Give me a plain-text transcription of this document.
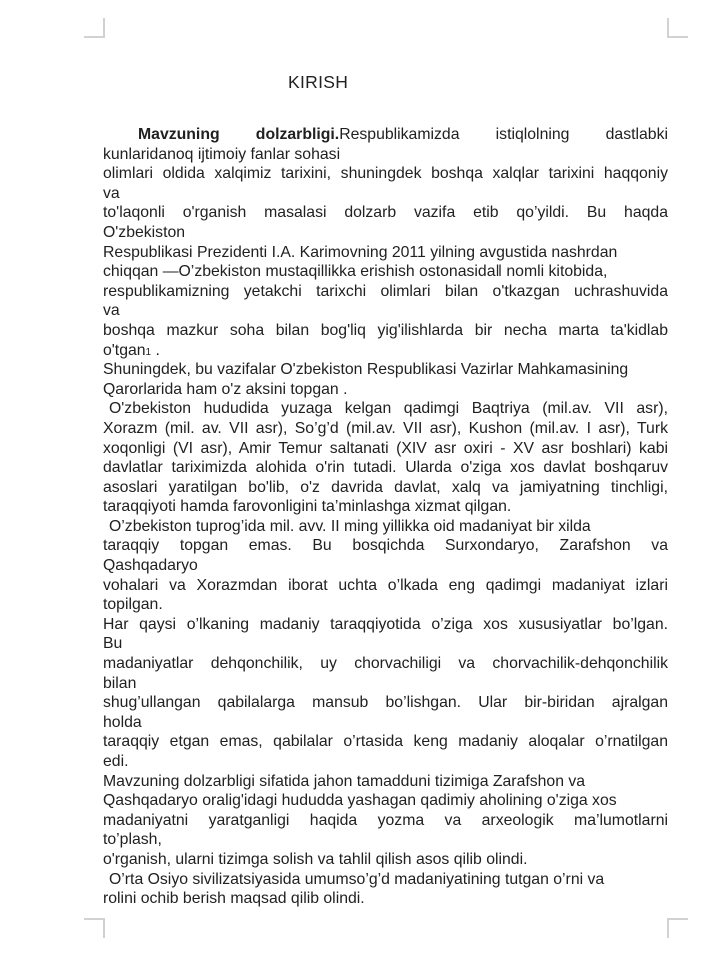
KIRISH
Mavzuning dolzarbligi.Respublikamizda istiqlolning dastlabki
kunlaridanoq ijtimoiy fanlar sohasi
olimlari oldida xalqimiz tarixini, shuningdek boshqa xalqlar tarixini haqqoniy
va
to'laqonli o'rganish masalasi dolzarb vazifa etib qo’yildi. Bu haqda
O'zbekiston
Respublikasi Prezidenti I.A. Karimovning 2011 yilning avgustida nashrdan
chiqqan ―O’zbekiston mustaqillikka erishish ostonasida‖ nomli kitobida,
respublikamizning yetakchi tarixchi olimlari bilan o'tkazgan uchrashuvida
va
boshqa mazkur soha bilan bog'liq yig'ilishlarda bir necha marta ta'kidlab
o'tgan1 .
Shuningdek, bu vazifalar O'zbekiston Respublikasi Vazirlar Mahkamasining
Qarorlarida ham o'z aksini topgan .
O'zbekiston hududida yuzaga kelgan qadimgi Baqtriya (mil.av. VII asr),
Xorazm (mil. av. VII asr), So’g’d (mil.av. VII asr), Kushon (mil.av. I asr), Turk
xoqonligi (VI asr), Amir Temur saltanati (XIV asr oxiri - XV asr boshlari) kabi
davlatlar tariximizda alohida o'rin tutadi. Ularda o'ziga xos davlat boshqaruv
asoslari yaratilgan bo'lib, o'z davrida davlat, xalq va jamiyatning tinchligi,
taraqqiyoti hamda farovonligini ta’minlashga xizmat qilgan.
O’zbekiston tuprog’ida mil. avv. II ming yillikka oid madaniyat bir xilda
taraqqiy topgan emas. Bu bosqichda Surxondaryo, Zarafshon va
Qashqadaryo
vohalari va Xorazmdan iborat uchta o’lkada eng qadimgi madaniyat izlari
topilgan.
Har qaysi o’lkaning madaniy taraqqiyotida o’ziga xos xususiyatlar bo’lgan.
Bu
madaniyatlar dehqonchilik, uy chorvachiligi va chorvachilik-dehqonchilik
bilan
shug’ullangan qabilalarga mansub bo’lishgan. Ular bir-biridan ajralgan
holda
taraqqiy etgan emas, qabilalar o’rtasida keng madaniy aloqalar o’rnatilgan
edi.
Mavzuning dolzarbligi sifatida jahon tamadduni tizimiga Zarafshon va
Qashqadaryo oralig'idagi hududda yashagan qadimiy aholining o'ziga xos
madaniyatni yaratganligi haqida yozma va arxeologik ma’lumotlarni
to’plash,
o'rganish, ularni tizimga solish va tahlil qilish asos qilib olindi.
O’rta Osiyo sivilizatsiyasida umumso’g’d madaniyatining tutgan o’rni va
rolini ochib berish maqsad qilib olindi.
